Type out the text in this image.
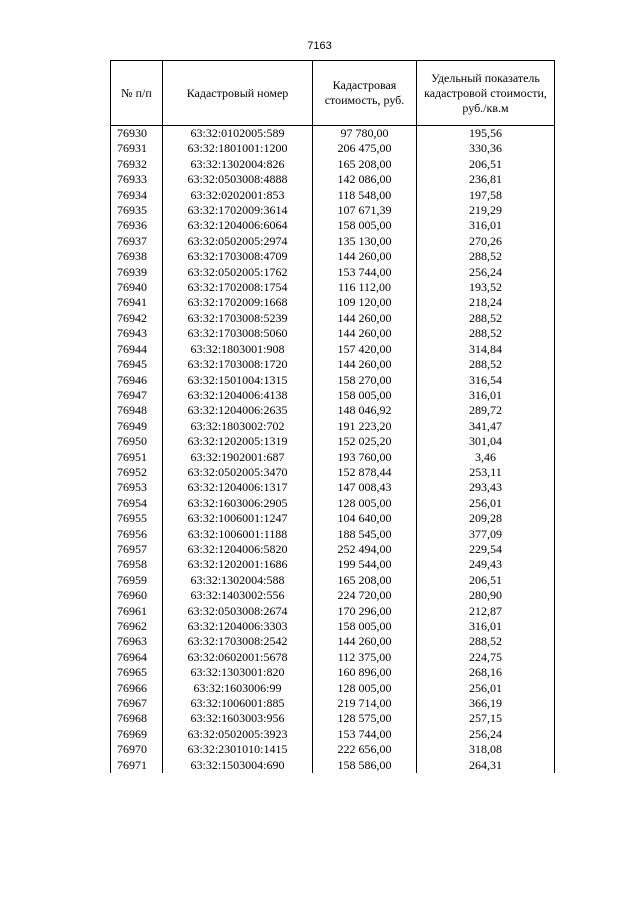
7163
№ п/п	Кадастровый номер	Кадастровая стоимость, руб.	Удельный показатель кадастровой стоимости, руб./кв.м
76930	63:32:0102005:589	97 780,00	195,56
76931	63:32:1801001:1200	206 475,00	330,36
76932	63:32:1302004:826	165 208,00	206,51
76933	63:32:0503008:4888	142 086,00	236,81
76934	63:32:0202001:853	118 548,00	197,58
76935	63:32:1702009:3614	107 671,39	219,29
76936	63:32:1204006:6064	158 005,00	316,01
76937	63:32:0502005:2974	135 130,00	270,26
76938	63:32:1703008:4709	144 260,00	288,52
76939	63:32:0502005:1762	153 744,00	256,24
76940	63:32:1702008:1754	116 112,00	193,52
76941	63:32:1702009:1668	109 120,00	218,24
76942	63:32:1703008:5239	144 260,00	288,52
76943	63:32:1703008:5060	144 260,00	288,52
76944	63:32:1803001:908	157 420,00	314,84
76945	63:32:1703008:1720	144 260,00	288,52
76946	63:32:1501004:1315	158 270,00	316,54
76947	63:32:1204006:4138	158 005,00	316,01
76948	63:32:1204006:2635	148 046,92	289,72
76949	63:32:1803002:702	191 223,20	341,47
76950	63:32:1202005:1319	152 025,20	301,04
76951	63:32:1902001:687	193 760,00	3,46
76952	63:32:0502005:3470	152 878,44	253,11
76953	63:32:1204006:1317	147 008,43	293,43
76954	63:32:1603006:2905	128 005,00	256,01
76955	63:32:1006001:1247	104 640,00	209,28
76956	63:32:1006001:1188	188 545,00	377,09
76957	63:32:1204006:5820	252 494,00	229,54
76958	63:32:1202001:1686	199 544,00	249,43
76959	63:32:1302004:588	165 208,00	206,51
76960	63:32:1403002:556	224 720,00	280,90
76961	63:32:0503008:2674	170 296,00	212,87
76962	63:32:1204006:3303	158 005,00	316,01
76963	63:32:1703008:2542	144 260,00	288,52
76964	63:32:0602001:5678	112 375,00	224,75
76965	63:32:1303001:820	160 896,00	268,16
76966	63:32:1603006:99	128 005,00	256,01
76967	63:32:1006001:885	219 714,00	366,19
76968	63:32:1603003:956	128 575,00	257,15
76969	63:32:0502005:3923	153 744,00	256,24
76970	63:32:2301010:1415	222 656,00	318,08
76971	63:32:1503004:690	158 586,00	264,31
